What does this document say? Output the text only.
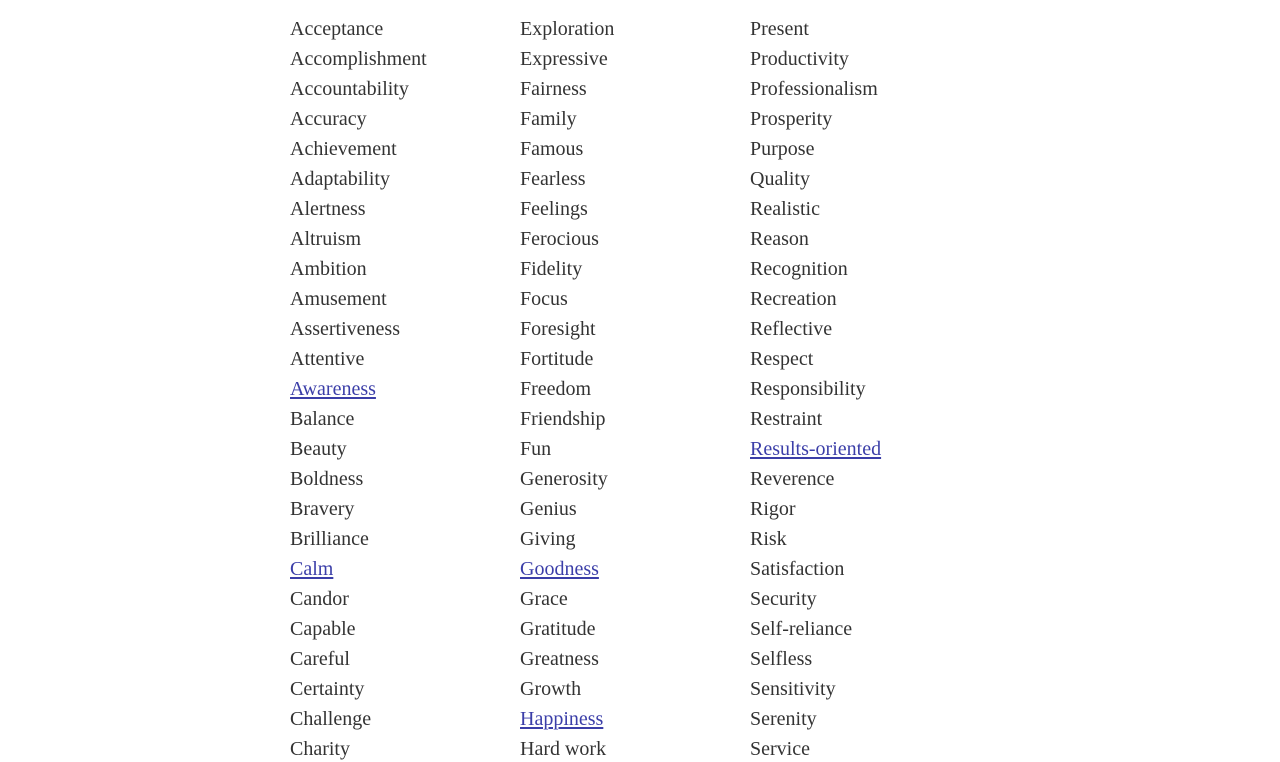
Acceptance
Accomplishment
Accountability
Accuracy
Achievement
Adaptability
Alertness
Altruism
Ambition
Amusement
Assertiveness
Attentive
Awareness
Balance
Beauty
Boldness
Bravery
Brilliance
Calm
Candor
Capable
Careful
Certainty
Challenge
Charity
Exploration
Expressive
Fairness
Family
Famous
Fearless
Feelings
Ferocious
Fidelity
Focus
Foresight
Fortitude
Freedom
Friendship
Fun
Generosity
Genius
Giving
Goodness
Grace
Gratitude
Greatness
Growth
Happiness
Hard work
Present
Productivity
Professionalism
Prosperity
Purpose
Quality
Realistic
Reason
Recognition
Recreation
Reflective
Respect
Responsibility
Restraint
Results-oriented
Reverence
Rigor
Risk
Satisfaction
Security
Self-reliance
Selfless
Sensitivity
Serenity
Service
